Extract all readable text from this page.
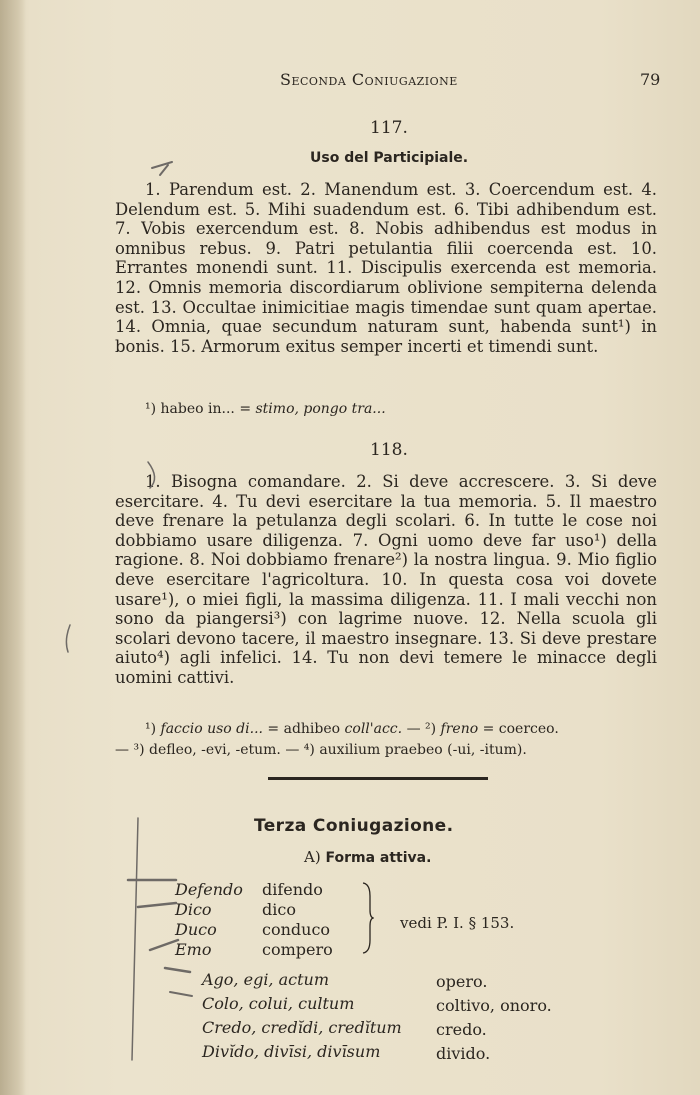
Seconda Coniugazione	79
117.
Uso del Participiale.

1. Parendum est. 2. Manendum est. 3. Coercendum est. 4. Delendum est. 5. Mihi suadendum est. 6. Tibi adhibendum est. 7. Vobis exercendum est. 8. Nobis adhibendus est modus in omnibus rebus. 9. Patri petulantia filii coercenda est. 10. Errantes monendi sunt. 11. Discipulis exercenda est memoria. 12. Omnis memoria discordiarum oblivione sempiterna delenda est. 13. Occultae inimicitiae magis timendae sunt quam apertae. 14. Omnia, quae secundum naturam sunt, habenda sunt¹) in bonis. 15. Armorum exitus semper incerti et timendi sunt.

¹) habeo in... = stimo, pongo tra...
118.

1. Bisogna comandare. 2. Si deve accrescere. 3. Si deve esercitare. 4. Tu devi esercitare la tua memoria. 5. Il maestro deve frenare la petulanza degli scolari. 6. In tutte le cose noi dobbiamo usare diligenza. 7. Ogni uomo deve far uso¹) della ragione. 8. Noi dobbiamo frenare²) la nostra lingua. 9. Mio figlio deve esercitare l'agricoltura. 10. In questa cosa voi dovete usare¹), o miei figli, la massima diligenza. 11. I mali vecchi non sono da piangersi³) con lagrime nuove. 12. Nella scuola gli scolari devono tacere, il maestro insegnare. 13. Si deve prestare aiuto⁴) agli infelici. 14. Tu non devi temere le minacce degli uomini cattivi.

¹) faccio uso di... = adhibeo coll'acc. — ²) freno = coerceo.
— ³) defleo, -evi, -etum. — ⁴) auxilium praebeo (-ui, -itum).
Terza Coniugazione.
A) Forma attiva.
Defendo difendo
Dico	dico
Duco	conduco
Emo	compero
vedi P. I. § 153.
Ago, egi, actum	opero.
Colo, colui, cultum	coltivo, onoro.
Credo, credĭdi, credĭtum credo.
Divĭdo, divīsi, divīsum	divido.
